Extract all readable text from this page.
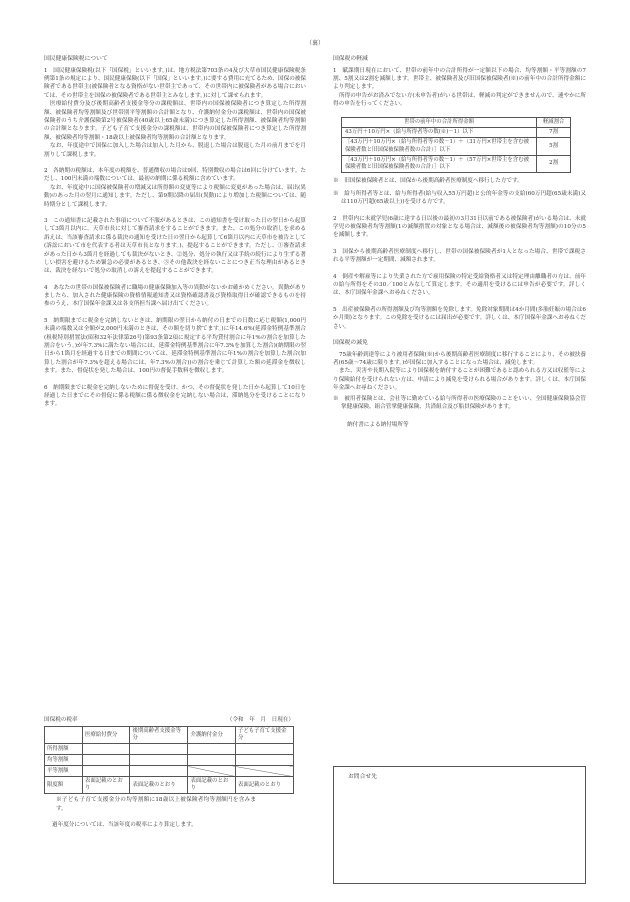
（裏）
国民健康保険税について

1　国民健康保険税(以下「国保税」といいます。)は、地方税法第703条の4及び大草市国民健康保険税条例第1条の規定により、国民健康保険(以下「国保」といいます。)に要する費用に充てるため、国保の被保険者である世帯主(被保険者となる資格がない世帯主であって、その世帯内に被保険者がある場合においては、その世帯主を国保の被保険者である世帯主とみなします。)に対して課せられます。

医療給付費分及び後期高齢者支援金等分の課税額は、世帯内の国保被保険者につき算定した所得割額、被保険者均等割額及び世帯別平等割額の合計額となり、介護納付金分の課税額は、世帯内の国保被保険者のうち介護保険第2号被保険者(40歳以上65歳未満)につき算定した所得割額、被保険者均等割額の合計額となります。子ども子育て支援金分の課税額は、世帯内の国保被保険者につき算定した所得割額、被保険者均等割額・18歳以上被保険者均等割額の合計額となります。

なお、年度途中で国保に加入した場合は加入した月から、脱退した場合は脱退した月の前月までを月割りして課税します。

2　各納期の税額は、本年度の税額を、普通徴収の場合は9回、特別徴収の場合は6回に分けています。ただし、100円未満の端数については、最初の納期に係る税額に含めています。

なお、年度途中に国保被保険者の増減又は所得額の変更等により税額に変更があった場合は、届出(異動)のあった月の翌月に通知します。ただし、第9期以降の届出(異動)により増加した税額については、随時期分として課税します。

3　この通知書に記載された事項について不服があるときは、この通知書を受け取った日の翌日から起算して3箇月以内に、天草市長に対して審査請求をすることができます。また、この処分の取消しを求める訴えは、当該審査請求に係る裁決の通知を受けた日の翌日から起算して6箇月以内に天草市を被告として(訴訟において市を代表する者は天草市長となります。)、提起することができます。ただし、①審査請求があった日から3箇月を経過しても裁決がないとき、②処分、処分の執行又は手続の続行により生ずる著しい損害を避けるため緊急の必要があるとき、③その他裁決を経ないことにつき正当な理由があるときは、裁決を経ないで処分の取消しの訴えを提起することができます。

4　あなたの世帯の国保被保険者に職場の健康保険加入等の異動がないかお確かめください。異動がありましたら、加入された健康保険の資格情報通知書又は資格確認書及び資格取得日が確認できるものを持参のうえ、本庁国保年金課又は各支所担当課へ届け出てください。

5　納期限までに税金を完納しないときは、納期限の翌日から納付の日までの日数に応じ税額(1,000円未満の端数又は全額が2,000円未満のときは、その額を切り捨てます。)に年14.6%(延滞金特例基準割合(租税特別措置法(昭和32年法律第26号)第93条第2項に規定する平均貸付割合に年1%の割合を加算した割合をいう。)が年7.3%に満たない場合には、延滞金特例基準割合に年7.3%を加算した割合)(納期限の翌日から1箇月を経過する日までの期間については、延滞金特例基準割合に年1%の割合を加算した割合(加算した割合が年7.3%を超える場合には、年7.3%の割合))の割合を乗じて計算した額の延滞金を徴収します。また、督促状を発した場合は、100円の督促手数料を徴収します。

6　納期限までに税金を完納しないために督促を受け、かつ、その督促状を発した日から起算して10日を経過した日までにその督促に係る税額に係る徴収金を完納しない場合は、滞納処分を受けることになります。

国保税の軽減

1　賦課期日現在において、世帯の前年中の合計所得が一定額以下の場合、均等割額・平等割額の7割、5割又は2割を減額します。世帯主、被保険者及び旧国保被保険者(※)の前年中の合計所得金額により判定します。

所得の申告がお済みでない方(未申告者)がいる世帯は、軽減の判定ができませんので、速やかに所得の申告を行ってください。

世帯の前年中の合計所得金額	軽減割合
43万円＋10万円×（給与所得者等の数(※)－1）以下	7割
［43万円＋10万円×（給与所得者等の数－1）＋（31万円×世帯主を含む被保険者数と旧国保被保険者数の合計）］以下	5割
［43万円＋10万円×（給与所得者等の数－1）＋（57万円×世帯主を含む被保険者数と旧国保被保険者数の合計）］以下	2割

※　旧国保被保険者とは、国保から後期高齢者医療制度へ移行した方です。

※　給与所得者等とは、給与所得者(給与収入55万円超)と公的年金等の支給(60万円超(65歳未満)又は110万円超(65歳以上))を受ける方です。

2　世帯内に未就学児(6歳に達する日以後の最初の3月31日以前である被保険者)がいる場合は、未就学児の被保険者均等割額(1の減額措置の対象となる場合は、減額後の被保険者均等割額)の10分の5を減額します。

3　国保から後期高齢者医療制度へ移行し、世帯の国保被保険者が1人となった場合、世帯で課税される平等割額が一定期間、減額されます。

4　倒産や解雇等により失業された方で雇用保険の特定受給資格者又は特定理由離職者の方は、前年の給与所得をその30／100とみなして算定します。その適用を受けるには申告が必要です。詳しくは、本庁国保年金課へお尋ねください。

5　出産被保険者の所得割額及び均等割額を免除します。免除対象期間は4か月間(多胎妊娠の場合は6か月間)となります。この免除を受けるには届出が必要です。詳しくは、本庁国保年金課へお尋ねください。

国保税の減免

75歳年齢到達等により被用者保険(※)から後期高齢者医療制度に移行することにより、その被扶養者(65歳～74歳に限ります。)が国保に加入することになった場合は、減免します。

また、災害や長期入院等により国保税を納付することが困難であると認められる方又は収監等により保険給付を受けられない方は、申請により減免を受けられる場合があります。詳しくは、本庁国保年金課へお尋ねください。

※　被用者保険とは、会社等に勤めている給与所得者の医療保険のことをいい、全国健康保険協会管掌健康保険、組合管掌健康保険、共済組合及び船員保険があります。

納付書による納付場所等

国保税の税率	（令和　年　月　日現在）
	医療給付費分	後期高齢者支援金等分	介護納付金分	子ども子育て支援金分
所得割額				
均等割額				
平等割額				
限度額	表面記載のとおり	表面記載のとおり	表面記載のとおり	表面記載のとおり

※子ども子育て支援金分の均等割額に18歳以上被保険者均等割額円を含みます。

過年度分については、当該年度の税率により算定します。

お問合せ先
